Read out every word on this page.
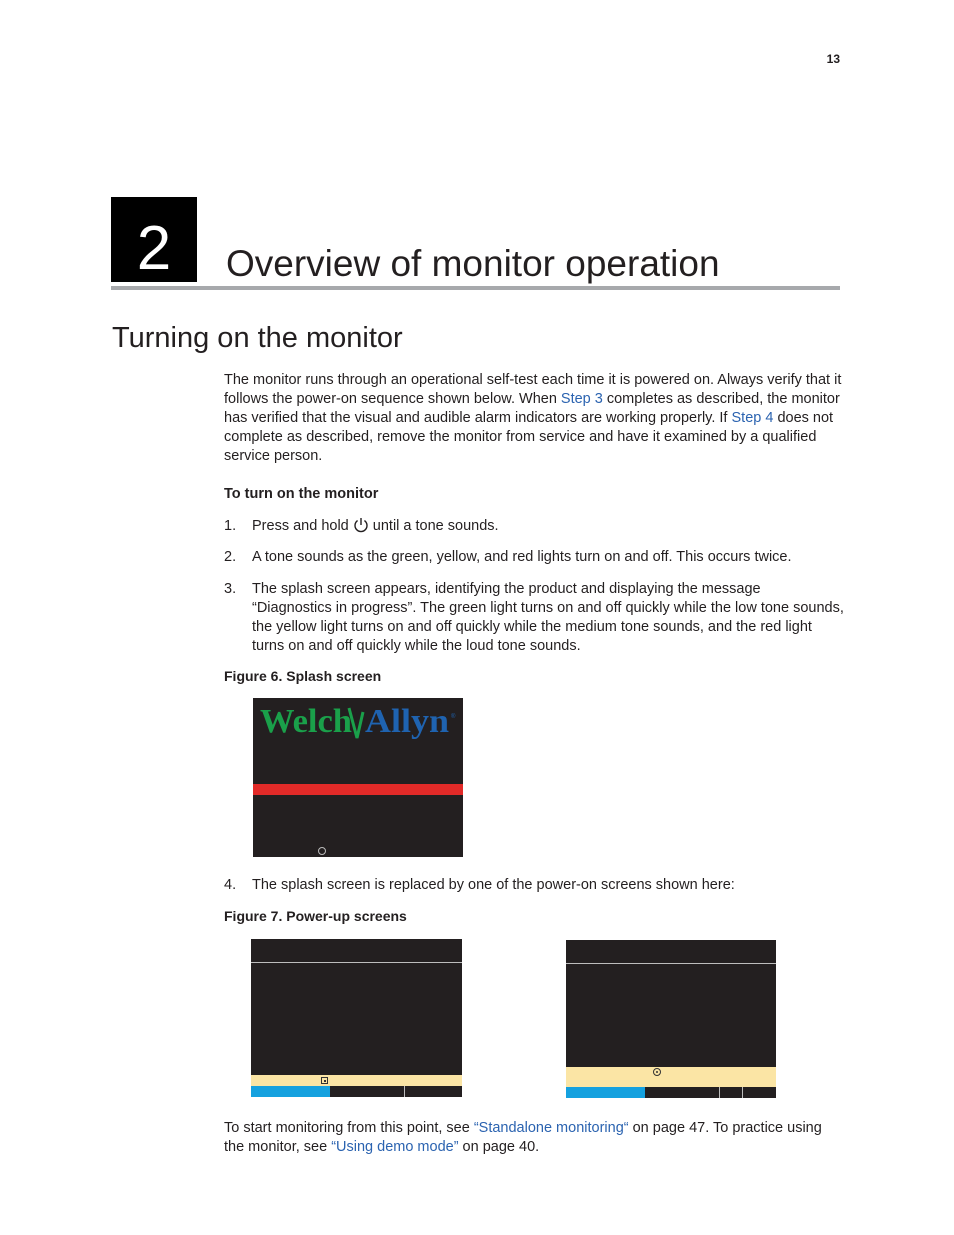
13
2	Overview of monitor operation
Turning on the monitor
The monitor runs through an operational self-test each time it is powered on. Always verify that it follows the power-on sequence shown below. When Step 3 completes as described, the monitor has verified that the visual and audible alarm indicators are working properly. If Step 4 does not complete as described, remove the monitor from service and have it examined by a qualified service person.
To turn on the monitor
1. Press and hold  until a tone sounds.
2. A tone sounds as the green, yellow, and red lights turn on and off. This occurs twice.
3. The splash screen appears, identifying the product and displaying the message “Diagnostics in progress”. The green light turns on and off quickly while the low tone sounds, the yellow light turns on and off quickly while the medium tone sounds, and the red light turns on and off quickly while the loud tone sounds.
Figure 6. Splash screen
Welch Allyn ®
4. The splash screen is replaced by one of the power-on screens shown here:
Figure 7. Power-up screens
To start monitoring from this point, see “Standalone monitoring“ on page 47. To practice using the monitor, see “Using demo mode” on page 40.
